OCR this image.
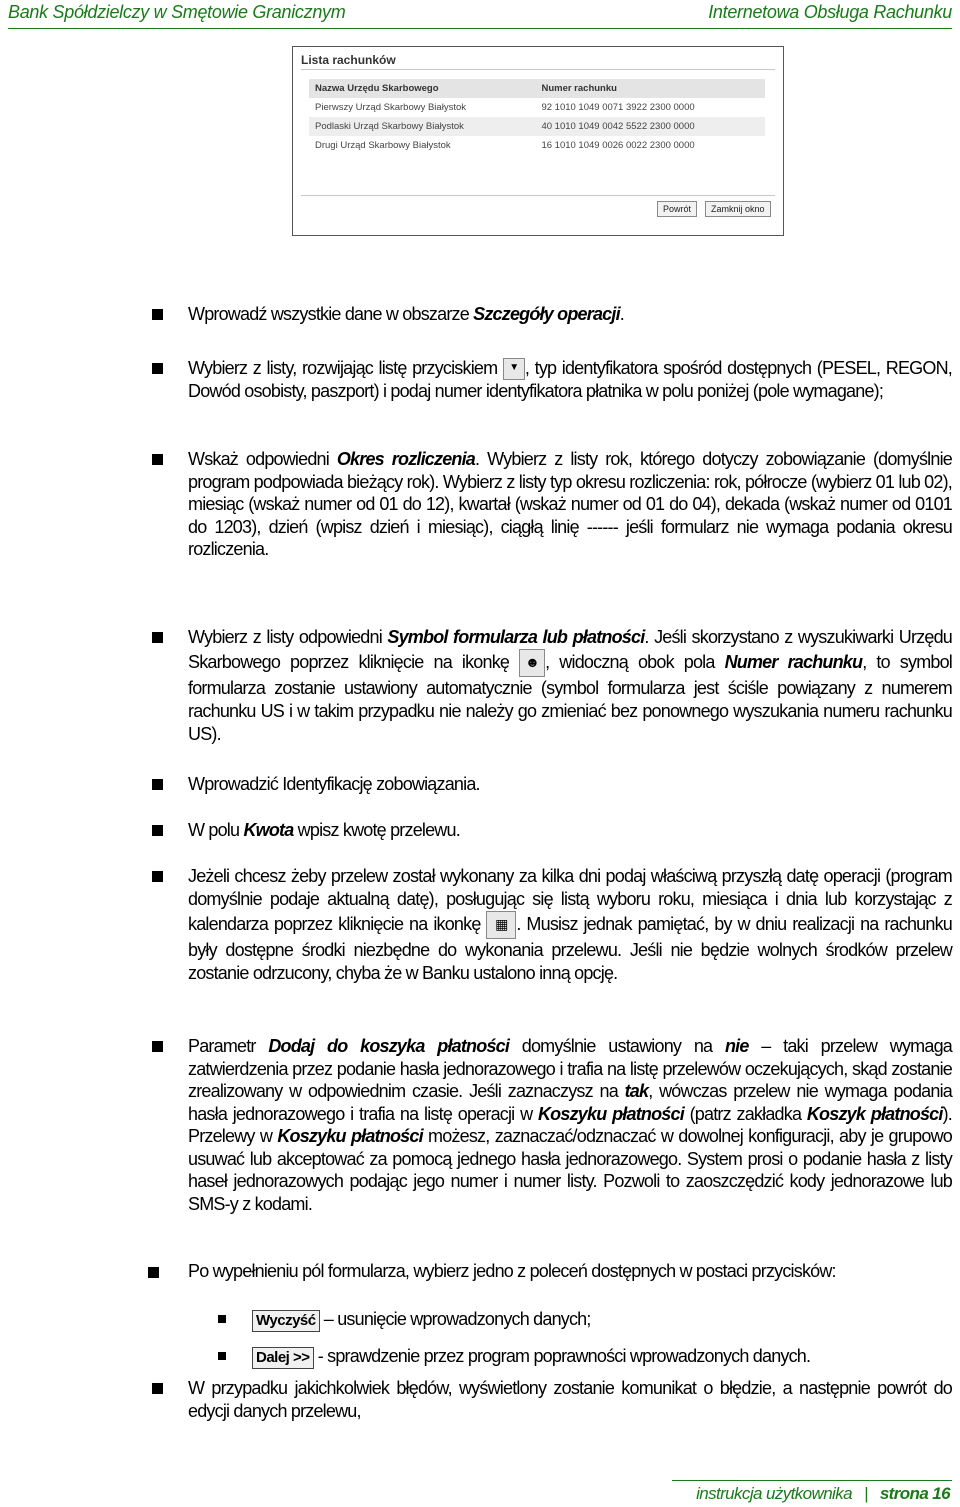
Bank Spółdzielczy w Smętowie Granicznym	Internetowa Obsługa Rachunku
Lista rachunków
Nazwa Urzędu Skarbowego	Numer rachunku
Pierwszy Urząd Skarbowy Białystok	92 1010 1049 0071 3922 2300 0000
Podlaski Urząd Skarbowy Białystok	40 1010 1049 0042 5522 2300 0000
Drugi Urząd Skarbowy Białystok	16 1010 1049 0026 0022 2300 0000
Powrót	Zamknij okno
Wprowadź wszystkie dane w obszarze Szczegóły operacji.
Wybierz z listy, rozwijając listę przyciskiem ▼ , typ identyfikatora spośród dostępnych (PESEL, REGON, Dowód osobisty, paszport) i podaj numer identyfikatora płatnika w polu poniżej (pole wymagane);
Wskaż odpowiedni Okres rozliczenia. Wybierz z listy rok, którego dotyczy zobowiązanie (domyślnie program podpowiada bieżący rok). Wybierz z listy typ okresu rozliczenia: rok, półrocze (wybierz 01 lub 02), miesiąc (wskaż numer od 01 do 12), kwartał (wskaż numer od 01 do 04), dekada (wskaż numer od 0101 do 1203), dzień (wpisz dzień i miesiąc), ciągłą linię ------ jeśli formularz nie wymaga podania okresu rozliczenia.
Wybierz z listy odpowiedni Symbol formularza lub płatności. Jeśli skorzystano z wyszukiwarki Urzędu Skarbowego poprzez kliknięcie na ikonkę ☻ , widoczną obok pola Numer rachunku, to symbol formularza zostanie ustawiony automatycznie (symbol formularza jest ściśle powiązany z numerem rachunku US i w takim przypadku nie należy go zmieniać bez ponownego wyszukania numeru rachunku US).
Wprowadzić Identyfikację zobowiązania.
W polu Kwota wpisz kwotę przelewu.
Jeżeli chcesz żeby przelew został wykonany za kilka dni podaj właściwą przyszłą datę operacji (program domyślnie podaje aktualną datę), posługując się listą wyboru roku, miesiąca i dnia lub korzystając z kalendarza poprzez kliknięcie na ikonkę ▦ . Musisz jednak pamiętać, by w dniu realizacji na rachunku były dostępne środki niezbędne do wykonania przelewu. Jeśli nie będzie wolnych środków przelew zostanie odrzucony, chyba że w Banku ustalono inną opcję.
Parametr Dodaj do koszyka płatności domyślnie ustawiony na nie – taki przelew wymaga zatwierdzenia przez podanie hasła jednorazowego i trafia na listę przelewów oczekujących, skąd zostanie zrealizowany w odpowiednim czasie. Jeśli zaznaczysz na tak, wówczas przelew nie wymaga podania hasła jednorazowego i trafia na listę operacji w Koszyku płatności (patrz zakładka Koszyk płatności). Przelewy w Koszyku płatności możesz, zaznaczać/odznaczać w dowolnej konfiguracji, aby je grupowo usuwać lub akceptować za pomocą jednego hasła jednorazowego. System prosi o podanie hasła z listy haseł jednorazowych podając jego numer i numer listy. Pozwoli to zaoszczędzić kody jednorazowe lub SMS-y z kodami.
Po wypełnieniu pól formularza, wybierz jedno z poleceń dostępnych w postaci przycisków:
Wyczyść – usunięcie wprowadzonych danych;
Dalej >> - sprawdzenie przez program poprawności wprowadzonych danych.
W przypadku jakichkolwiek błędów, wyświetlony zostanie komunikat o błędzie, a następnie powrót do edycji danych przelewu,
instrukcja użytkownika | strona 16
